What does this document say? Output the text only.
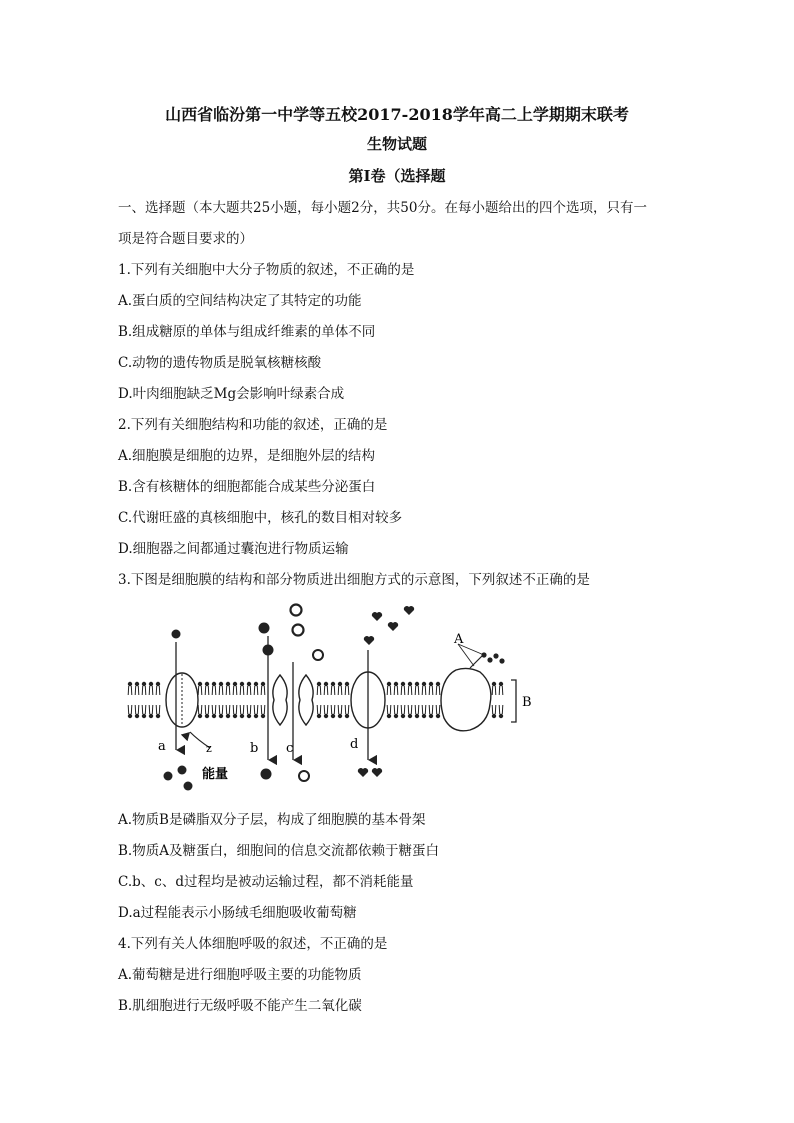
山西省临汾第一中学等五校2017-2018学年高二上学期期末联考
生物试题
第Ⅰ卷（选择题
一、选择题（本大题共25小题，每小题2分，共50分。在每小题给出的四个选项，只有一
项是符合题目要求的）
1.下列有关细胞中大分子物质的叙述，不正确的是
A.蛋白质的空间结构决定了其特定的功能
B.组成糖原的单体与组成纤维素的单体不同
C.动物的遗传物质是脱氧核糖核酸
D.叶肉细胞缺乏Mg会影响叶绿素合成
2.下列有关细胞结构和功能的叙述，正确的是
A.细胞膜是细胞的边界，是细胞外层的结构
B.含有核糖体的细胞都能合成某些分泌蛋白
C.代谢旺盛的真核细胞中，核孔的数目相对较多
D.细胞器之间都通过囊泡进行物质运输
3.下图是细胞膜的结构和部分物质进出细胞方式的示意图，下列叙述不正确的是
A
B
z
a	b c	d
能量
A.物质B是磷脂双分子层，构成了细胞膜的基本骨架
B.物质A及糖蛋白，细胞间的信息交流都依赖于糖蛋白
C.b、c、d过程均是被动运输过程，都不消耗能量
D.a过程能表示小肠绒毛细胞吸收葡萄糖
4.下列有关人体细胞呼吸的叙述，不正确的是
A.葡萄糖是进行细胞呼吸主要的功能物质
B.肌细胞进行无级呼吸不能产生二氧化碳
